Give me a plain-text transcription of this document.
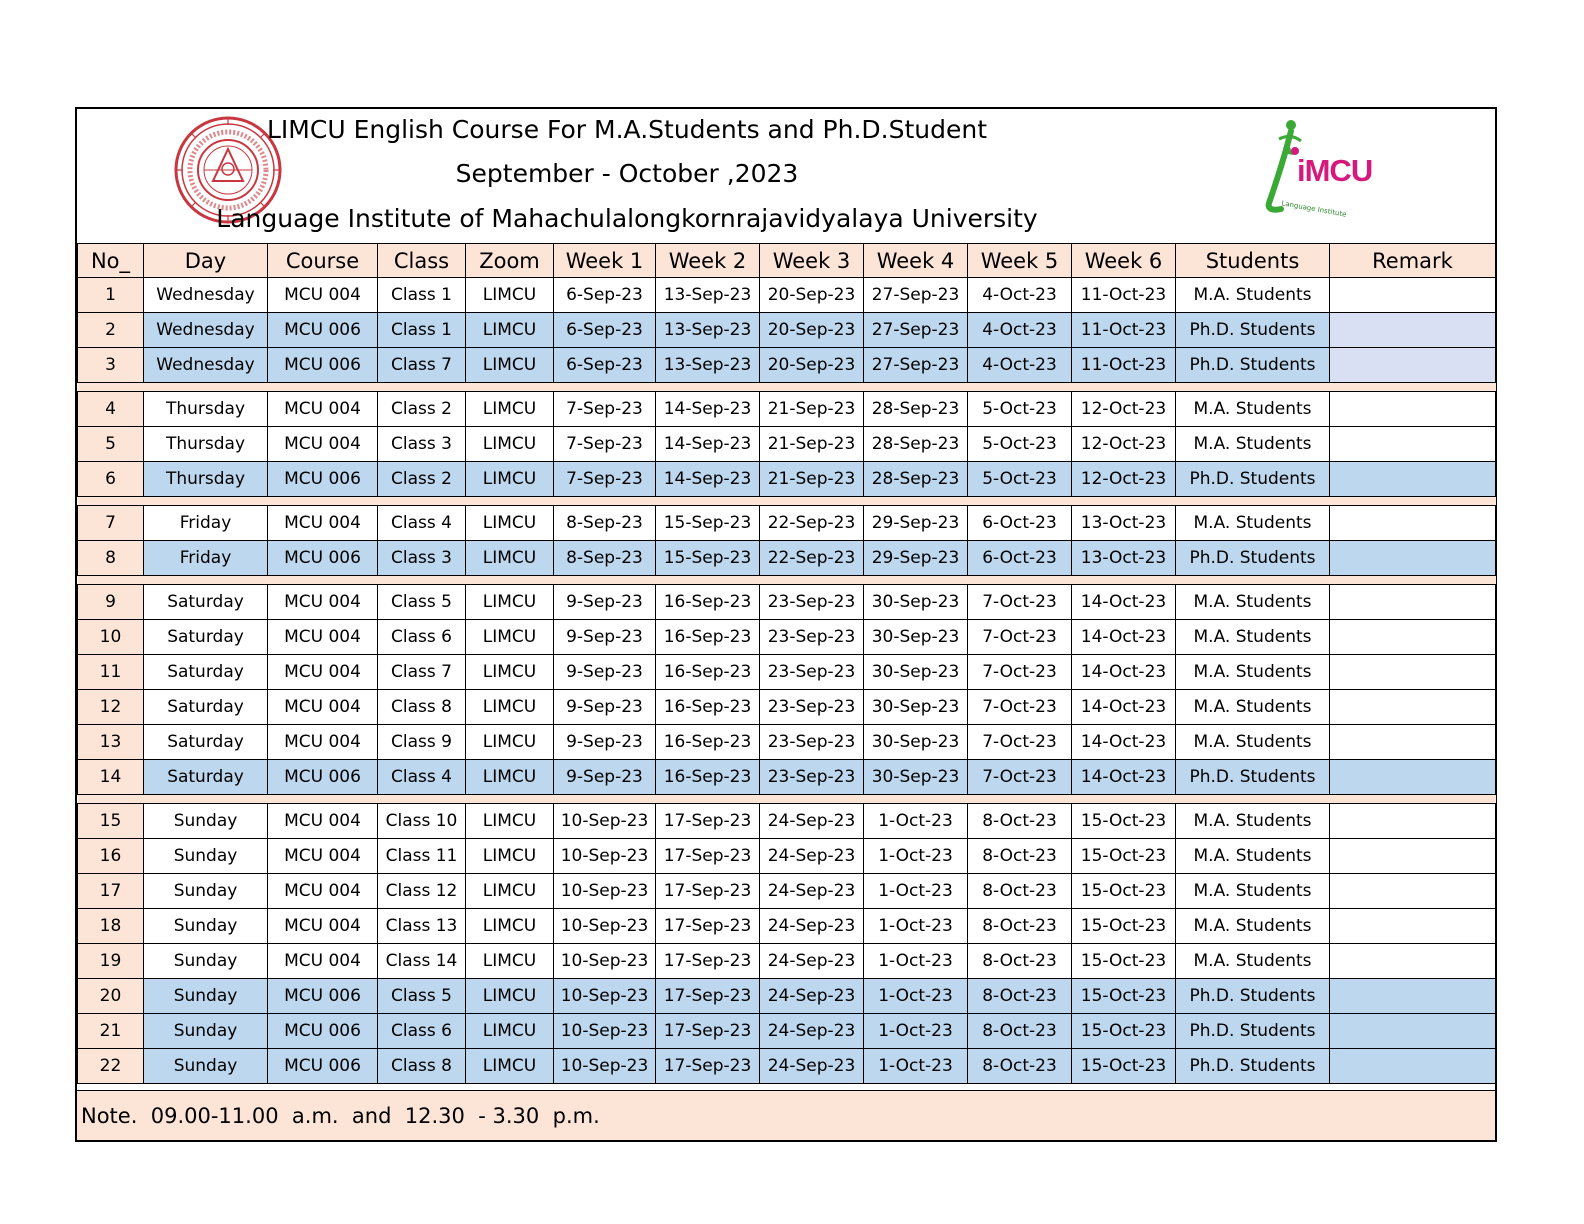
LIMCU English Course For M.A.Students and Ph.D.Student
September - October ,2023
Language Institute of Mahachulalongkornrajavidyalaya University
iMCU
Language Institute
No_	Day	Course	Class	Zoom	Week 1	Week 2	Week 3	Week 4	Week 5	Week 6	Students	Remark
1	Wednesday	MCU 004	Class 1	LIMCU	6-Sep-23	13-Sep-23	20-Sep-23	27-Sep-23	4-Oct-23	11-Oct-23	M.A. Students	
2	Wednesday	MCU 006	Class 1	LIMCU	6-Sep-23	13-Sep-23	20-Sep-23	27-Sep-23	4-Oct-23	11-Oct-23	Ph.D. Students	
3	Wednesday	MCU 006	Class 7	LIMCU	6-Sep-23	13-Sep-23	20-Sep-23	27-Sep-23	4-Oct-23	11-Oct-23	Ph.D. Students	

4	Thursday	MCU 004	Class 2	LIMCU	7-Sep-23	14-Sep-23	21-Sep-23	28-Sep-23	5-Oct-23	12-Oct-23	M.A. Students	
5	Thursday	MCU 004	Class 3	LIMCU	7-Sep-23	14-Sep-23	21-Sep-23	28-Sep-23	5-Oct-23	12-Oct-23	M.A. Students	
6	Thursday	MCU 006	Class 2	LIMCU	7-Sep-23	14-Sep-23	21-Sep-23	28-Sep-23	5-Oct-23	12-Oct-23	Ph.D. Students	

7	Friday	MCU 004	Class 4	LIMCU	8-Sep-23	15-Sep-23	22-Sep-23	29-Sep-23	6-Oct-23	13-Oct-23	M.A. Students	
8	Friday	MCU 006	Class 3	LIMCU	8-Sep-23	15-Sep-23	22-Sep-23	29-Sep-23	6-Oct-23	13-Oct-23	Ph.D. Students	

9	Saturday	MCU 004	Class 5	LIMCU	9-Sep-23	16-Sep-23	23-Sep-23	30-Sep-23	7-Oct-23	14-Oct-23	M.A. Students	
10	Saturday	MCU 004	Class 6	LIMCU	9-Sep-23	16-Sep-23	23-Sep-23	30-Sep-23	7-Oct-23	14-Oct-23	M.A. Students	
11	Saturday	MCU 004	Class 7	LIMCU	9-Sep-23	16-Sep-23	23-Sep-23	30-Sep-23	7-Oct-23	14-Oct-23	M.A. Students	
12	Saturday	MCU 004	Class 8	LIMCU	9-Sep-23	16-Sep-23	23-Sep-23	30-Sep-23	7-Oct-23	14-Oct-23	M.A. Students	
13	Saturday	MCU 004	Class 9	LIMCU	9-Sep-23	16-Sep-23	23-Sep-23	30-Sep-23	7-Oct-23	14-Oct-23	M.A. Students	
14	Saturday	MCU 006	Class 4	LIMCU	9-Sep-23	16-Sep-23	23-Sep-23	30-Sep-23	7-Oct-23	14-Oct-23	Ph.D. Students	

15	Sunday	MCU 004	Class 10	LIMCU	10-Sep-23	17-Sep-23	24-Sep-23	1-Oct-23	8-Oct-23	15-Oct-23	M.A. Students	
16	Sunday	MCU 004	Class 11	LIMCU	10-Sep-23	17-Sep-23	24-Sep-23	1-Oct-23	8-Oct-23	15-Oct-23	M.A. Students	
17	Sunday	MCU 004	Class 12	LIMCU	10-Sep-23	17-Sep-23	24-Sep-23	1-Oct-23	8-Oct-23	15-Oct-23	M.A. Students	
18	Sunday	MCU 004	Class 13	LIMCU	10-Sep-23	17-Sep-23	24-Sep-23	1-Oct-23	8-Oct-23	15-Oct-23	M.A. Students	
19	Sunday	MCU 004	Class 14	LIMCU	10-Sep-23	17-Sep-23	24-Sep-23	1-Oct-23	8-Oct-23	15-Oct-23	M.A. Students	
20	Sunday	MCU 006	Class 5	LIMCU	10-Sep-23	17-Sep-23	24-Sep-23	1-Oct-23	8-Oct-23	15-Oct-23	Ph.D. Students	
21	Sunday	MCU 006	Class 6	LIMCU	10-Sep-23	17-Sep-23	24-Sep-23	1-Oct-23	8-Oct-23	15-Oct-23	Ph.D. Students	
22	Sunday	MCU 006	Class 8	LIMCU	10-Sep-23	17-Sep-23	24-Sep-23	1-Oct-23	8-Oct-23	15-Oct-23	Ph.D. Students	
Note.  09.00-11.00  a.m.  and  12.30  - 3.30  p.m.
